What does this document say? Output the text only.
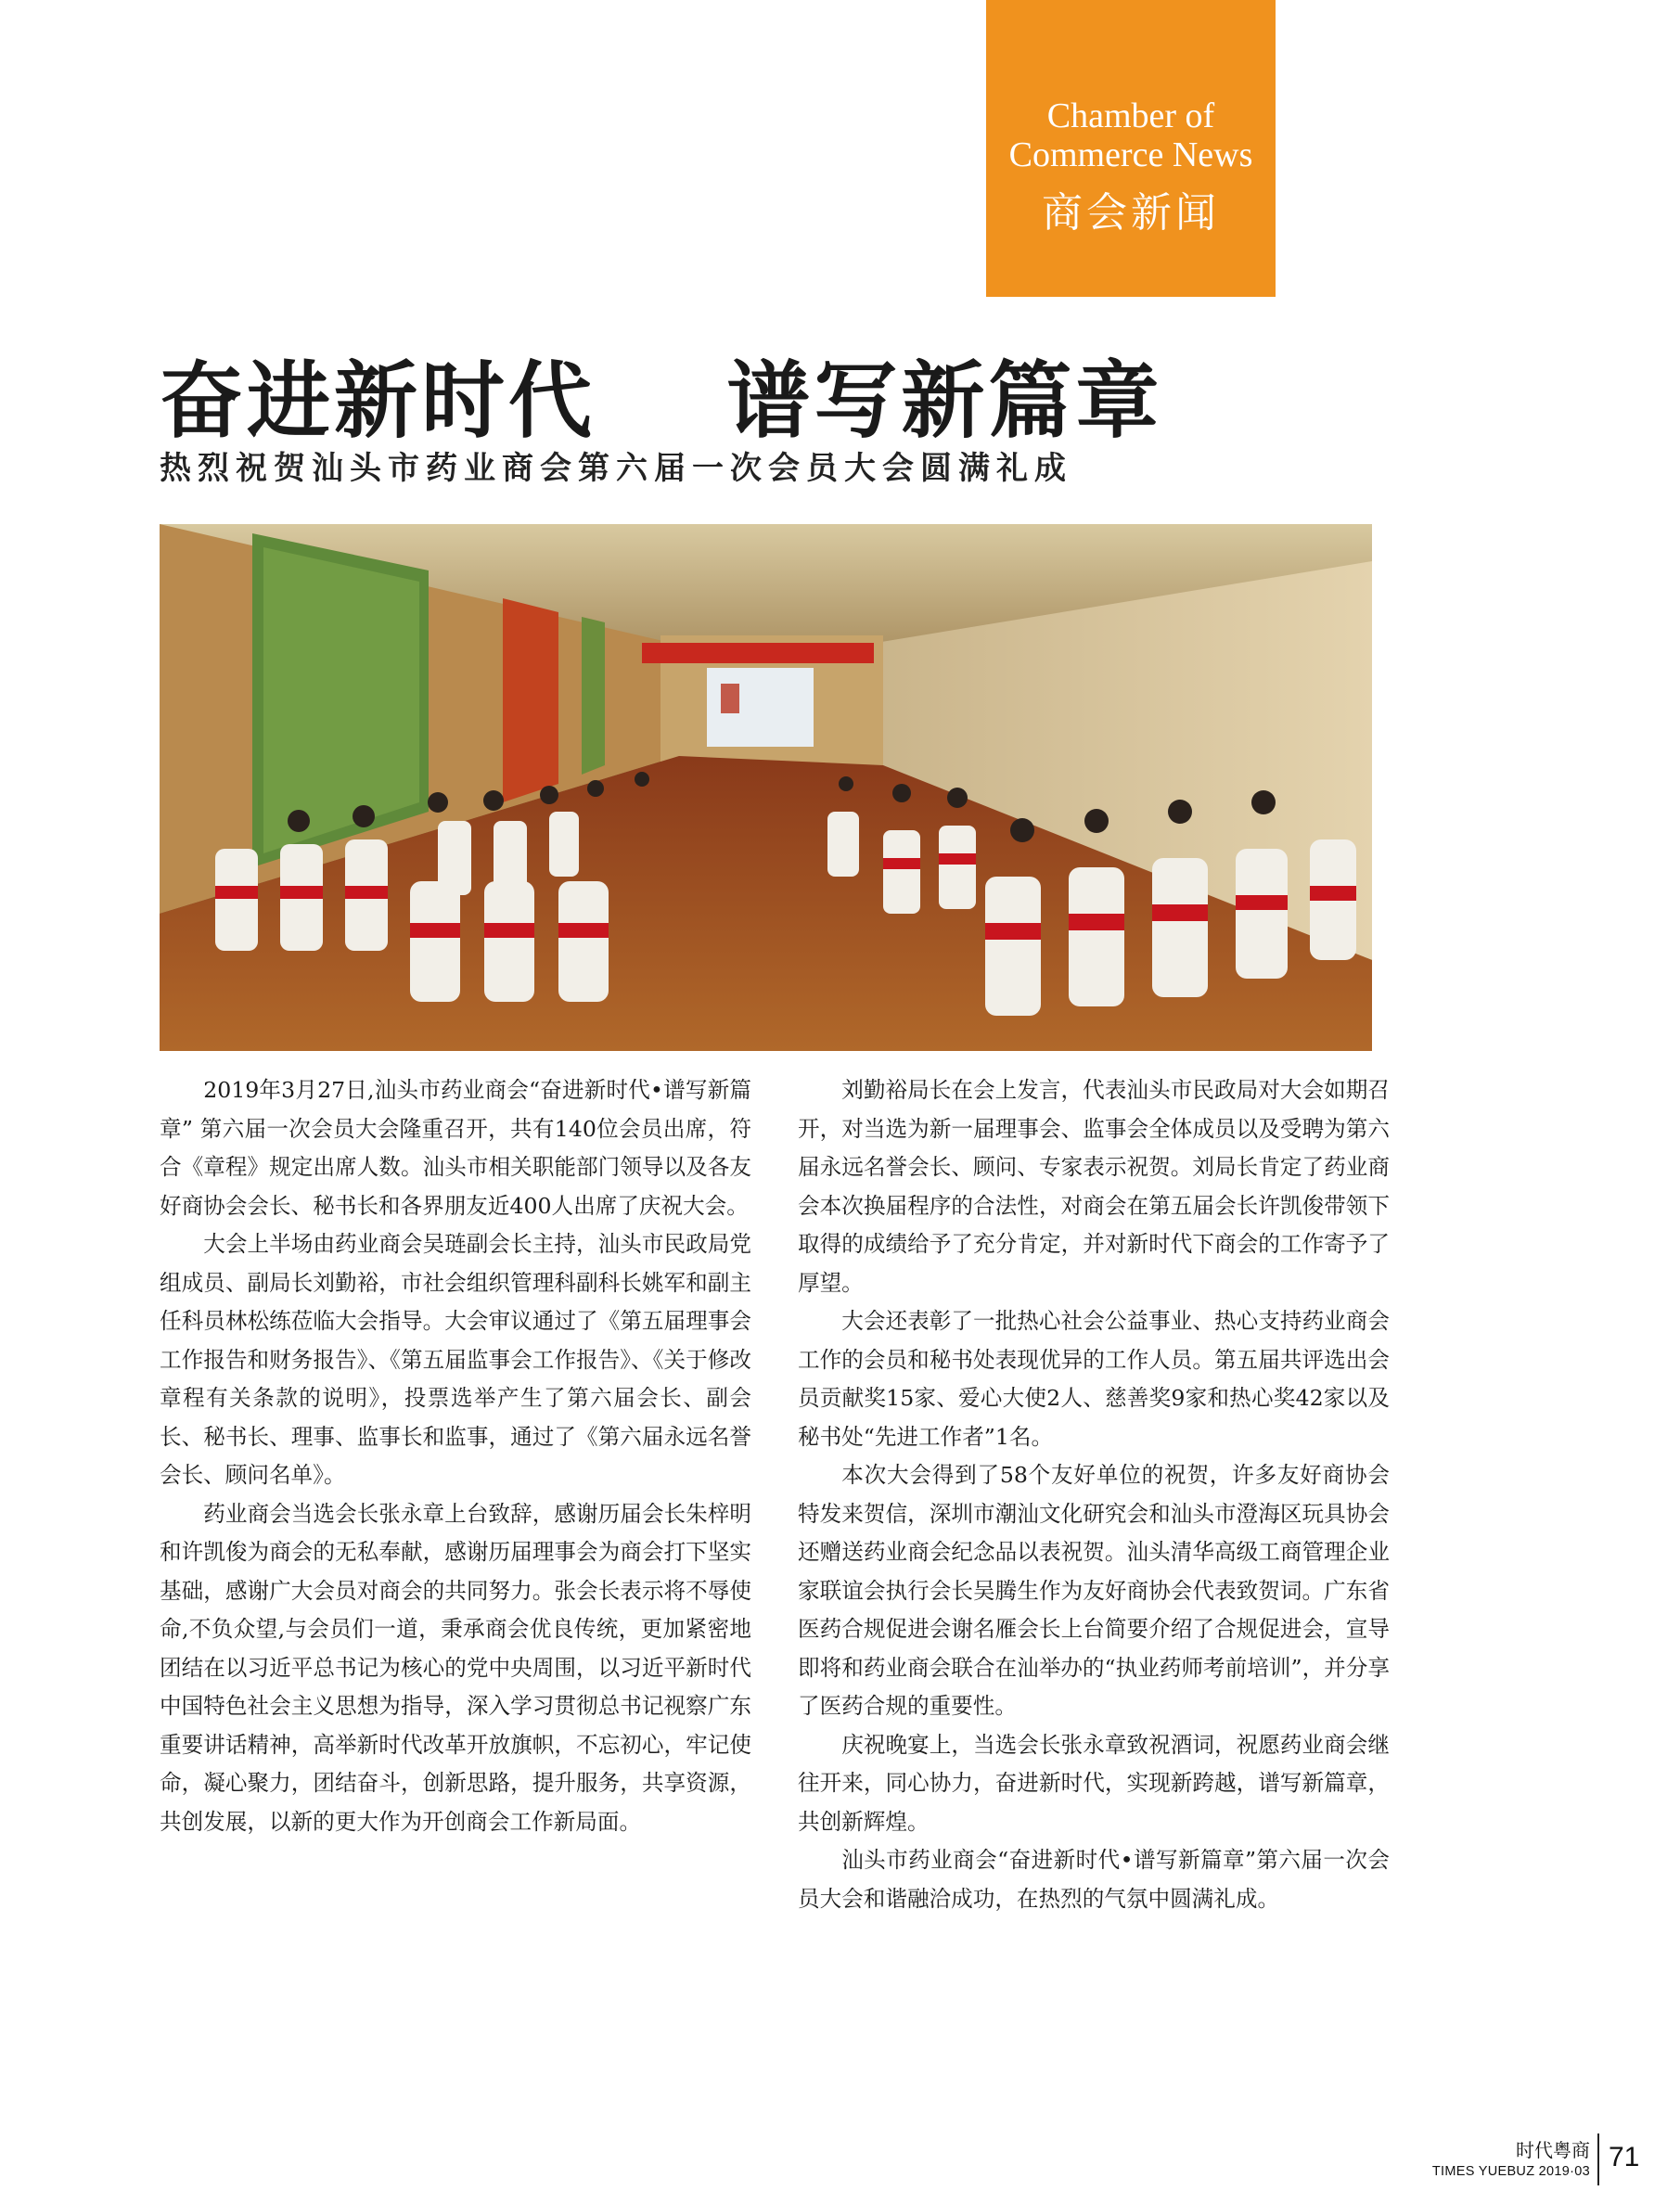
Chamber of
Commerce News
商会新闻
奋进新时代    谱写新篇章
热烈祝贺汕头市药业商会第六届一次会员大会圆满礼成

2019年3月27日,汕头市药业商会“奋进新时代•谱写新篇章” 第六届一次会员大会隆重召开，共有140位会员出席，符合《章程》规定出席人数。汕头市相关职能部门领导以及各友好商协会会长、秘书长和各界朋友近400人出席了庆祝大会。

大会上半场由药业商会吴琏副会长主持，汕头市民政局党组成员、副局长刘勤裕，市社会组织管理科副科长姚军和副主任科员林松练莅临大会指导。大会审议通过了《第五届理事会工作报告和财务报告》、《第五届监事会工作报告》、《关于修改章程有关条款的说明》，投票选举产生了第六届会长、副会长、秘书长、理事、监事长和监事，通过了《第六届永远名誉会长、顾问名单》。

药业商会当选会长张永章上台致辞，感谢历届会长朱梓明和许凯俊为商会的无私奉献，感谢历届理事会为商会打下坚实基础，感谢广大会员对商会的共同努力。张会长表示将不辱使命,不负众望,与会员们一道，秉承商会优良传统，更加紧密地团结在以习近平总书记为核心的党中央周围，以习近平新时代中国特色社会主义思想为指导，深入学习贯彻总书记视察广东重要讲话精神，高举新时代改革开放旗帜，不忘初心，牢记使命，凝心聚力，团结奋斗，创新思路，提升服务，共享资源，共创发展，以新的更大作为开创商会工作新局面。

刘勤裕局长在会上发言，代表汕头市民政局对大会如期召开，对当选为新一届理事会、监事会全体成员以及受聘为第六届永远名誉会长、顾问、专家表示祝贺。刘局长肯定了药业商会本次换届程序的合法性，对商会在第五届会长许凯俊带领下取得的成绩给予了充分肯定，并对新时代下商会的工作寄予了厚望。

大会还表彰了一批热心社会公益事业、热心支持药业商会工作的会员和秘书处表现优异的工作人员。第五届共评选出会员贡献奖15家、爱心大使2人、慈善奖9家和热心奖42家以及秘书处“先进工作者”1名。

本次大会得到了58个友好单位的祝贺，许多友好商协会特发来贺信，深圳市潮汕文化研究会和汕头市澄海区玩具协会还赠送药业商会纪念品以表祝贺。汕头清华高级工商管理企业家联谊会执行会长吴腾生作为友好商协会代表致贺词。广东省医药合规促进会谢名雁会长上台简要介绍了合规促进会，宣导即将和药业商会联合在汕举办的“执业药师考前培训”，并分享了医药合规的重要性。

庆祝晚宴上，当选会长张永章致祝酒词，祝愿药业商会继往开来，同心协力，奋进新时代，实现新跨越，谱写新篇章，共创新辉煌。

汕头市药业商会“奋进新时代•谱写新篇章”第六届一次会员大会和谐融洽成功，在热烈的气氛中圆满礼成。

时代粤商
TIMES YUEBUZ 2019·03 71
